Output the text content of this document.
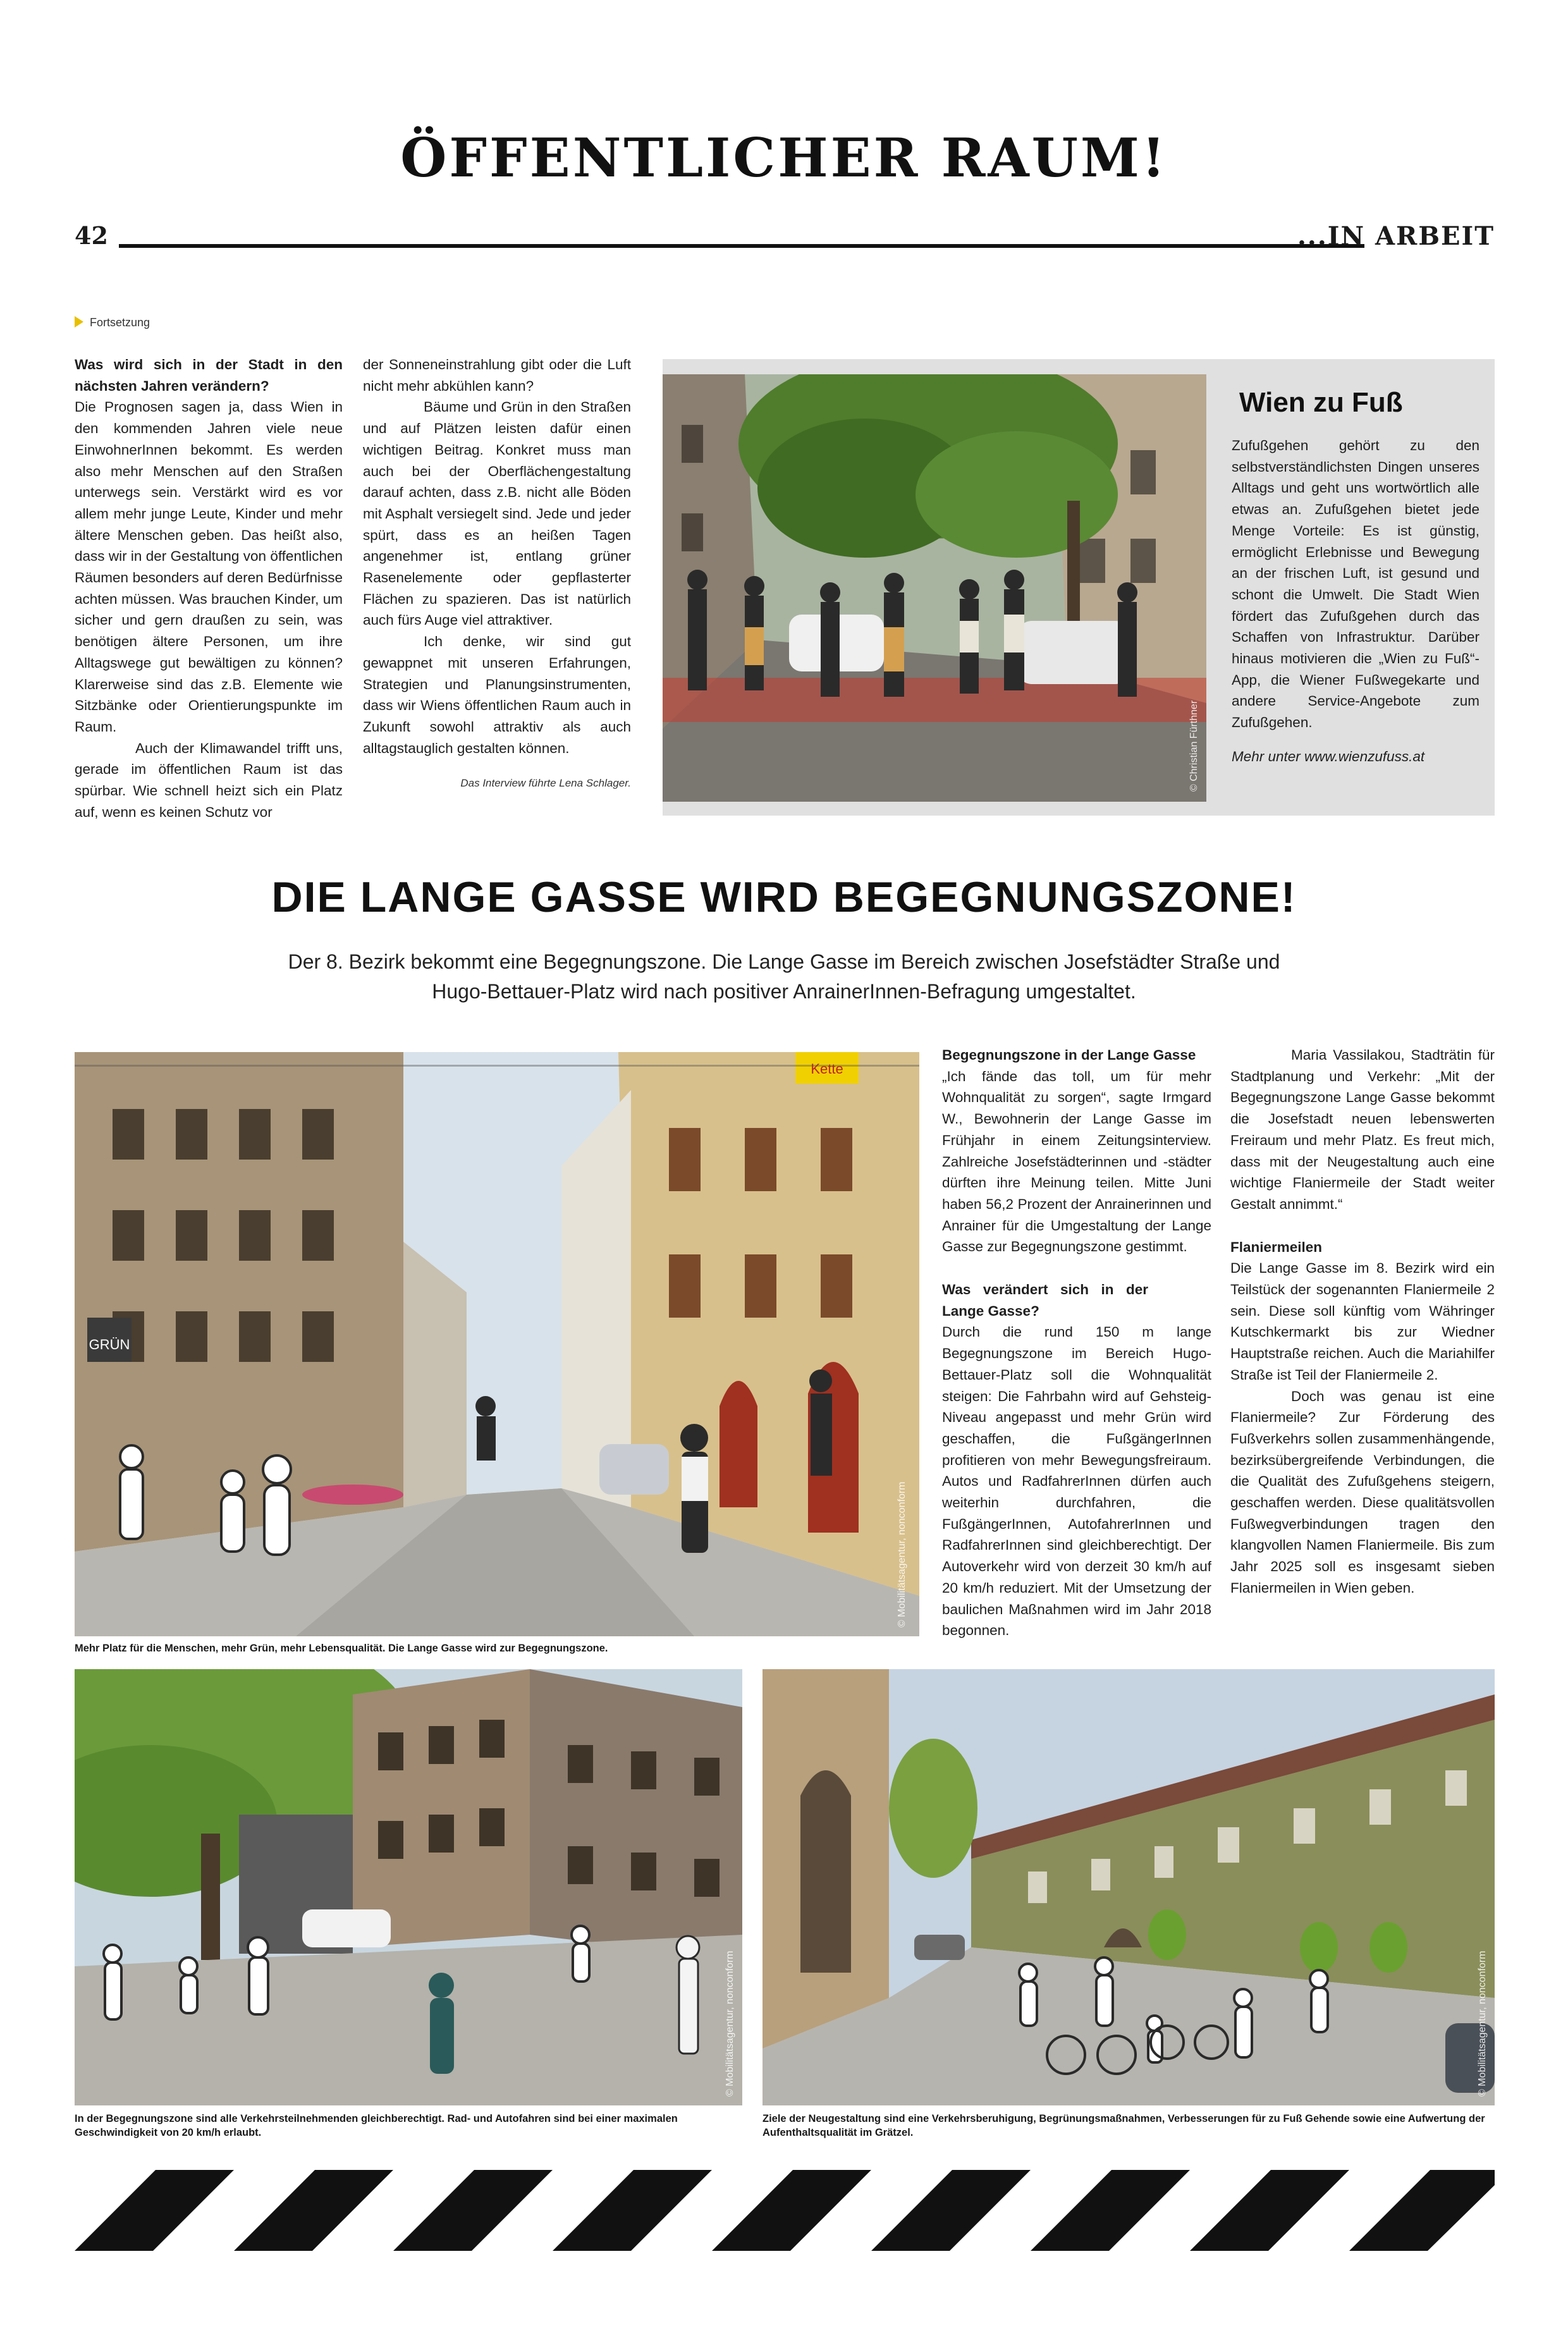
ÖFFENTLICHER RAUM!
42	...IN ARBEIT
Fortsetzung
Was wird sich in der Stadt in den nächsten Jahren verändern?
Die Prognosen sagen ja, dass Wien in den kommenden Jahren viele neue EinwohnerInnen bekommt. Es werden also mehr Menschen auf den Straßen unterwegs sein. Verstärkt wird es vor allem mehr junge Leute, Kinder und mehr ältere Menschen geben. Das heißt also, dass wir in der Gestaltung von öffentlichen Räumen besonders auf deren Bedürfnisse achten müssen. Was brauchen Kinder, um sicher und gern draußen zu sein, was benötigen ältere Personen, um ihre Alltagswege gut bewältigen zu können? Klarerweise sind das z.B. Elemente wie Sitzbänke oder Orientierungspunkte im Raum.
Auch der Klimawandel trifft uns, gerade im öffentlichen Raum ist das spürbar. Wie schnell heizt sich ein Platz auf, wenn es keinen Schutz vor
der Sonneneinstrahlung gibt oder die Luft nicht mehr abkühlen kann?
Bäume und Grün in den Straßen und auf Plätzen leisten dafür einen wichtigen Beitrag. Konkret muss man auch bei der Oberflächengestaltung darauf achten, dass z.B. nicht alle Böden mit Asphalt versiegelt sind. Jede und jeder spürt, dass es an heißen Tagen angenehmer ist, entlang grüner Rasenelemente oder gepflasterter Flächen zu spazieren. Das ist natürlich auch fürs Auge viel attraktiver.
Ich denke, wir sind gut gewappnet mit unseren Erfahrungen, Strategien und Planungsinstrumenten, dass wir Wiens öffentlichen Raum auch in Zukunft sowohl attraktiv als auch alltagstauglich gestalten können.
Das Interview führte Lena Schlager.	© Christian Fürthner
Wien zu Fuß
Zufußgehen gehört zu den selbstverständlichsten Dingen unseres Alltags und geht uns wortwörtlich alle etwas an. Zufußgehen bietet jede Menge Vorteile: Es ist günstig, ermöglicht Erlebnisse und Bewegung an der frischen Luft, ist gesund und schont die Umwelt. Die Stadt Wien fördert das Zufußgehen durch das Schaffen von Infrastruktur. Darüber hinaus motivieren die „Wien zu Fuß“-App, die Wiener Fußwegekarte und andere Service-Angebote zum Zufußgehen.
Mehr unter www.wienzufuss.at
DIE LANGE GASSE WIRD BEGEGNUNGSZONE!
Der 8. Bezirk bekommt eine Begegnungszone. Die Lange Gasse im Bereich zwischen Josefstädter Straße und
Hugo-Bettauer-Platz wird nach positiver AnrainerInnen-Befragung umgestaltet.
GRÜN
Kette
© Mobilitätsagentur, nonconform
Mehr Platz für die Menschen, mehr Grün, mehr Lebensqualität. Die Lange Gasse wird zur Begegnungszone.
Begegnungszone in der Lange Gasse
„Ich fände das toll, um für mehr Wohnqualität zu sorgen“, sagte Irmgard W., Bewohnerin der Lange Gasse im Frühjahr in einem Zeitungsinterview. Zahlreiche Josefstädterinnen und -städter dürften ihre Meinung teilen. Mitte Juni haben 56,2 Prozent der Anrainerinnen und Anrainer für die Umgestaltung der Lange Gasse zur Begegnungszone gestimmt.
Was verändert sich in der Lange Gasse?
Durch die rund 150 m lange Begegnungszone im Bereich Hugo-Bettauer-Platz soll die Wohnqualität steigen: Die Fahrbahn wird auf Gehsteig-Niveau angepasst und mehr Grün wird geschaffen, die FußgängerInnen profitieren von mehr Bewegungsfreiraum. Autos und RadfahrerInnen dürfen auch weiterhin durchfahren, die FußgängerInnen, AutofahrerInnen und RadfahrerInnen sind gleichberechtigt. Der Autoverkehr wird von derzeit 30 km/h auf 20 km/h reduziert. Mit der Umsetzung der baulichen Maßnahmen wird im Jahr 2018 begonnen.
Maria Vassilakou, Stadträtin für Stadtplanung und Verkehr: „Mit der Begegnungszone Lange Gasse bekommt die Josefstadt neuen lebenswerten Freiraum und mehr Platz. Es freut mich, dass mit der Neugestaltung auch eine wichtige Flaniermeile der Stadt weiter Gestalt annimmt.“
Flaniermeilen
Die Lange Gasse im 8. Bezirk wird ein Teilstück der sogenannten Flaniermeile 2 sein. Diese soll künftig vom Währinger Kutschkermarkt bis zur Wiedner Hauptstraße reichen. Auch die Mariahilfer Straße ist Teil der Flaniermeile 2.
Doch was genau ist eine Flaniermeile? Zur Förderung des Fußverkehrs sollen zusammenhängende, bezirksübergreifende Verbindungen, die die Qualität des Zufußgehens steigern, geschaffen werden. Diese qualitätsvollen Fußwegverbindungen tragen den klangvollen Namen Flaniermeile. Bis zum Jahr 2025 soll es insgesamt sieben Flaniermeilen in Wien geben.
© Mobilitätsagentur, nonconform
In der Begegnungszone sind alle Verkehrsteilnehmenden gleichberechtigt. Rad- und Autofahren sind bei einer maximalen Geschwindigkeit von 20 km/h erlaubt.
© Mobilitätsagentur, nonconform
Ziele der Neugestaltung sind eine Verkehrsberuhigung, Begrünungsmaßnahmen, Verbesserungen für zu Fuß Gehende sowie eine Aufwertung der Aufenthaltsqualität im Grätzel.
